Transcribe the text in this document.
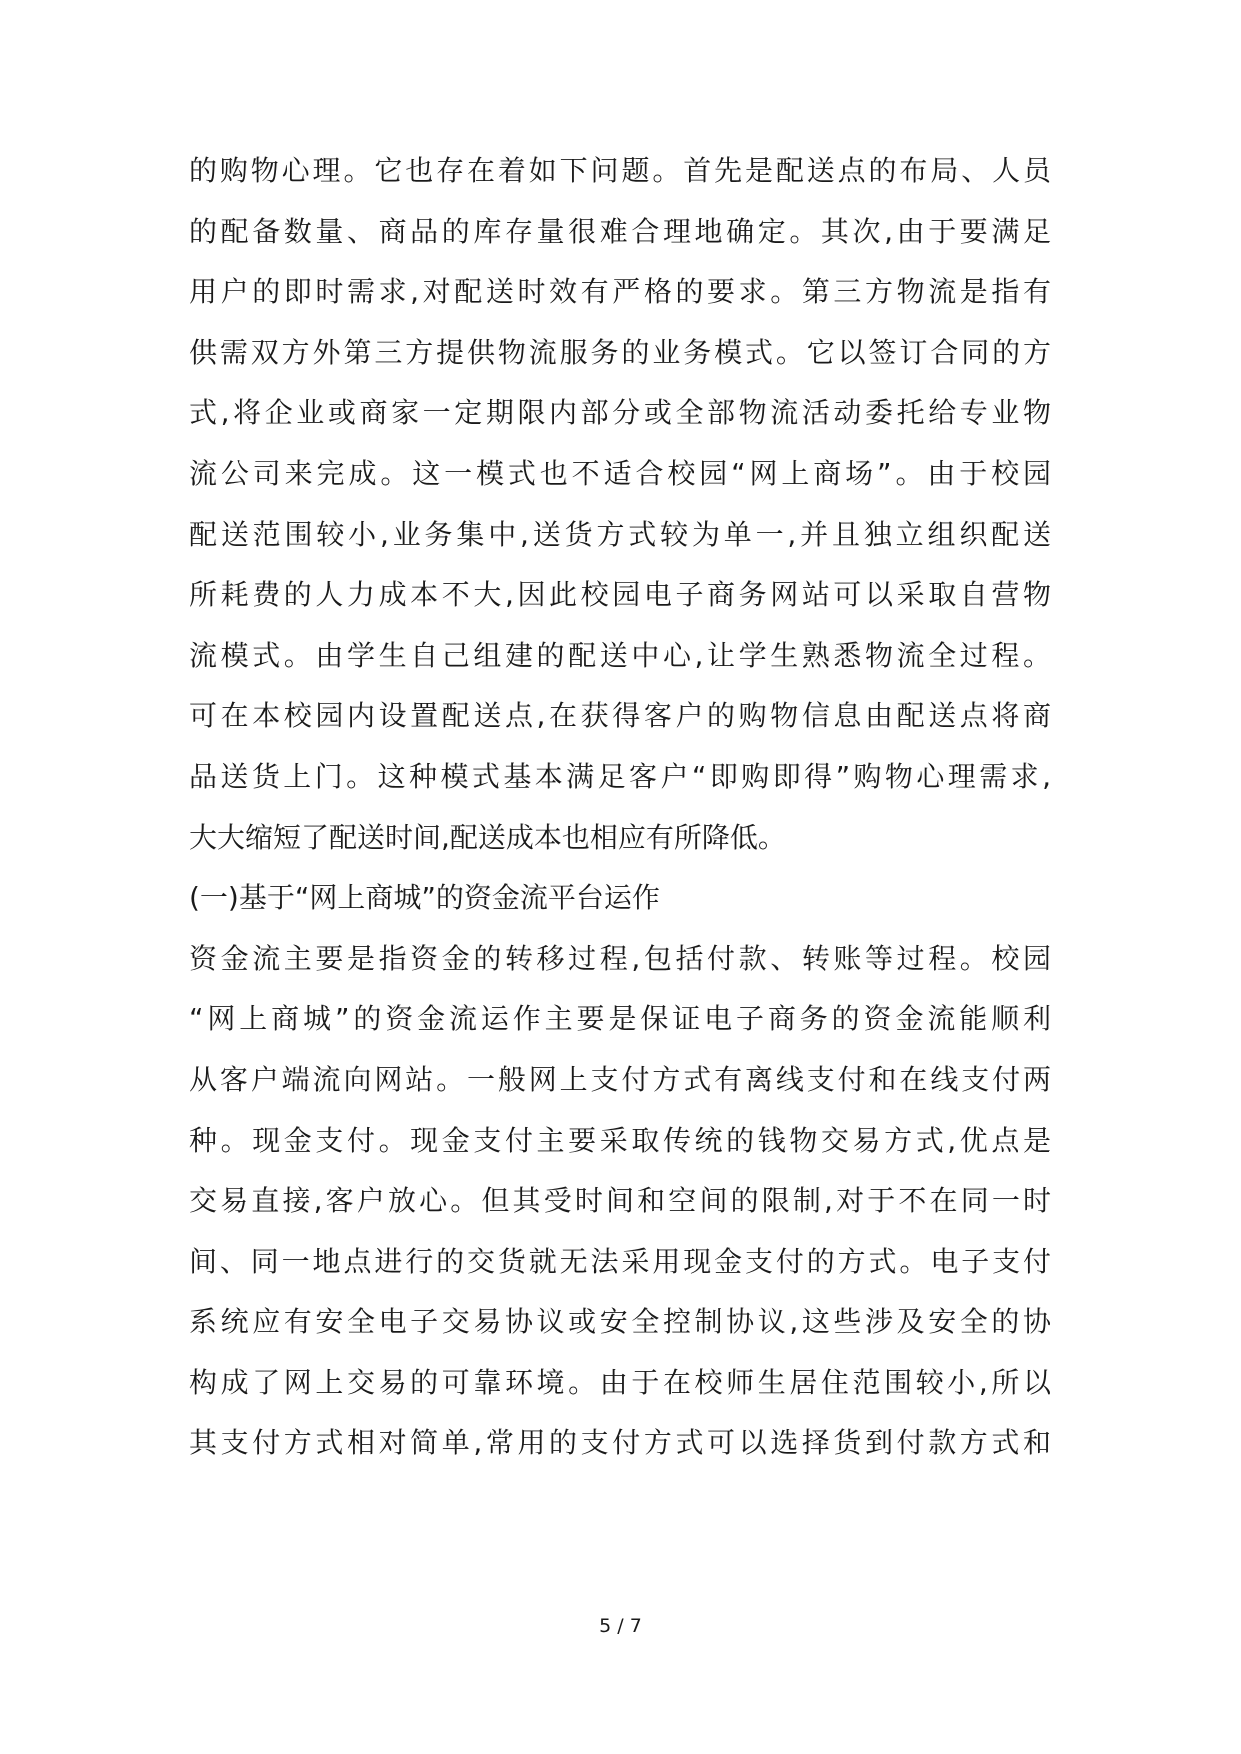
的购物心理。它也存在着如下问题。首先是配送点的布局、人员
的配备数量、商品的库存量很难合理地确定。其次,由于要满足
用户的即时需求,对配送时效有严格的要求。第三方物流是指有
供需双方外第三方提供物流服务的业务模式。它以签订合同的方
式,将企业或商家一定期限内部分或全部物流活动委托给专业物
流公司来完成。这一模式也不适合校园“网上商场”。由于校园
配送范围较小,业务集中,送货方式较为单一,并且独立组织配送
所耗费的人力成本不大,因此校园电子商务网站可以采取自营物
流模式。由学生自己组建的配送中心,让学生熟悉物流全过程。
可在本校园内设置配送点,在获得客户的购物信息由配送点将商
品送货上门。这种模式基本满足客户“即购即得”购物心理需求,
大大缩短了配送时间,配送成本也相应有所降低。
(一)基于“网上商城”的资金流平台运作
资金流主要是指资金的转移过程,包括付款、转账等过程。校园
“网上商城”的资金流运作主要是保证电子商务的资金流能顺利
从客户端流向网站。一般网上支付方式有离线支付和在线支付两
种。现金支付。现金支付主要采取传统的钱物交易方式,优点是
交易直接,客户放心。但其受时间和空间的限制,对于不在同一时
间、同一地点进行的交货就无法采用现金支付的方式。电子支付
系统应有安全电子交易协议或安全控制协议,这些涉及安全的协
构成了网上交易的可靠环境。由于在校师生居住范围较小,所以
其支付方式相对简单,常用的支付方式可以选择货到付款方式和
5 / 7
